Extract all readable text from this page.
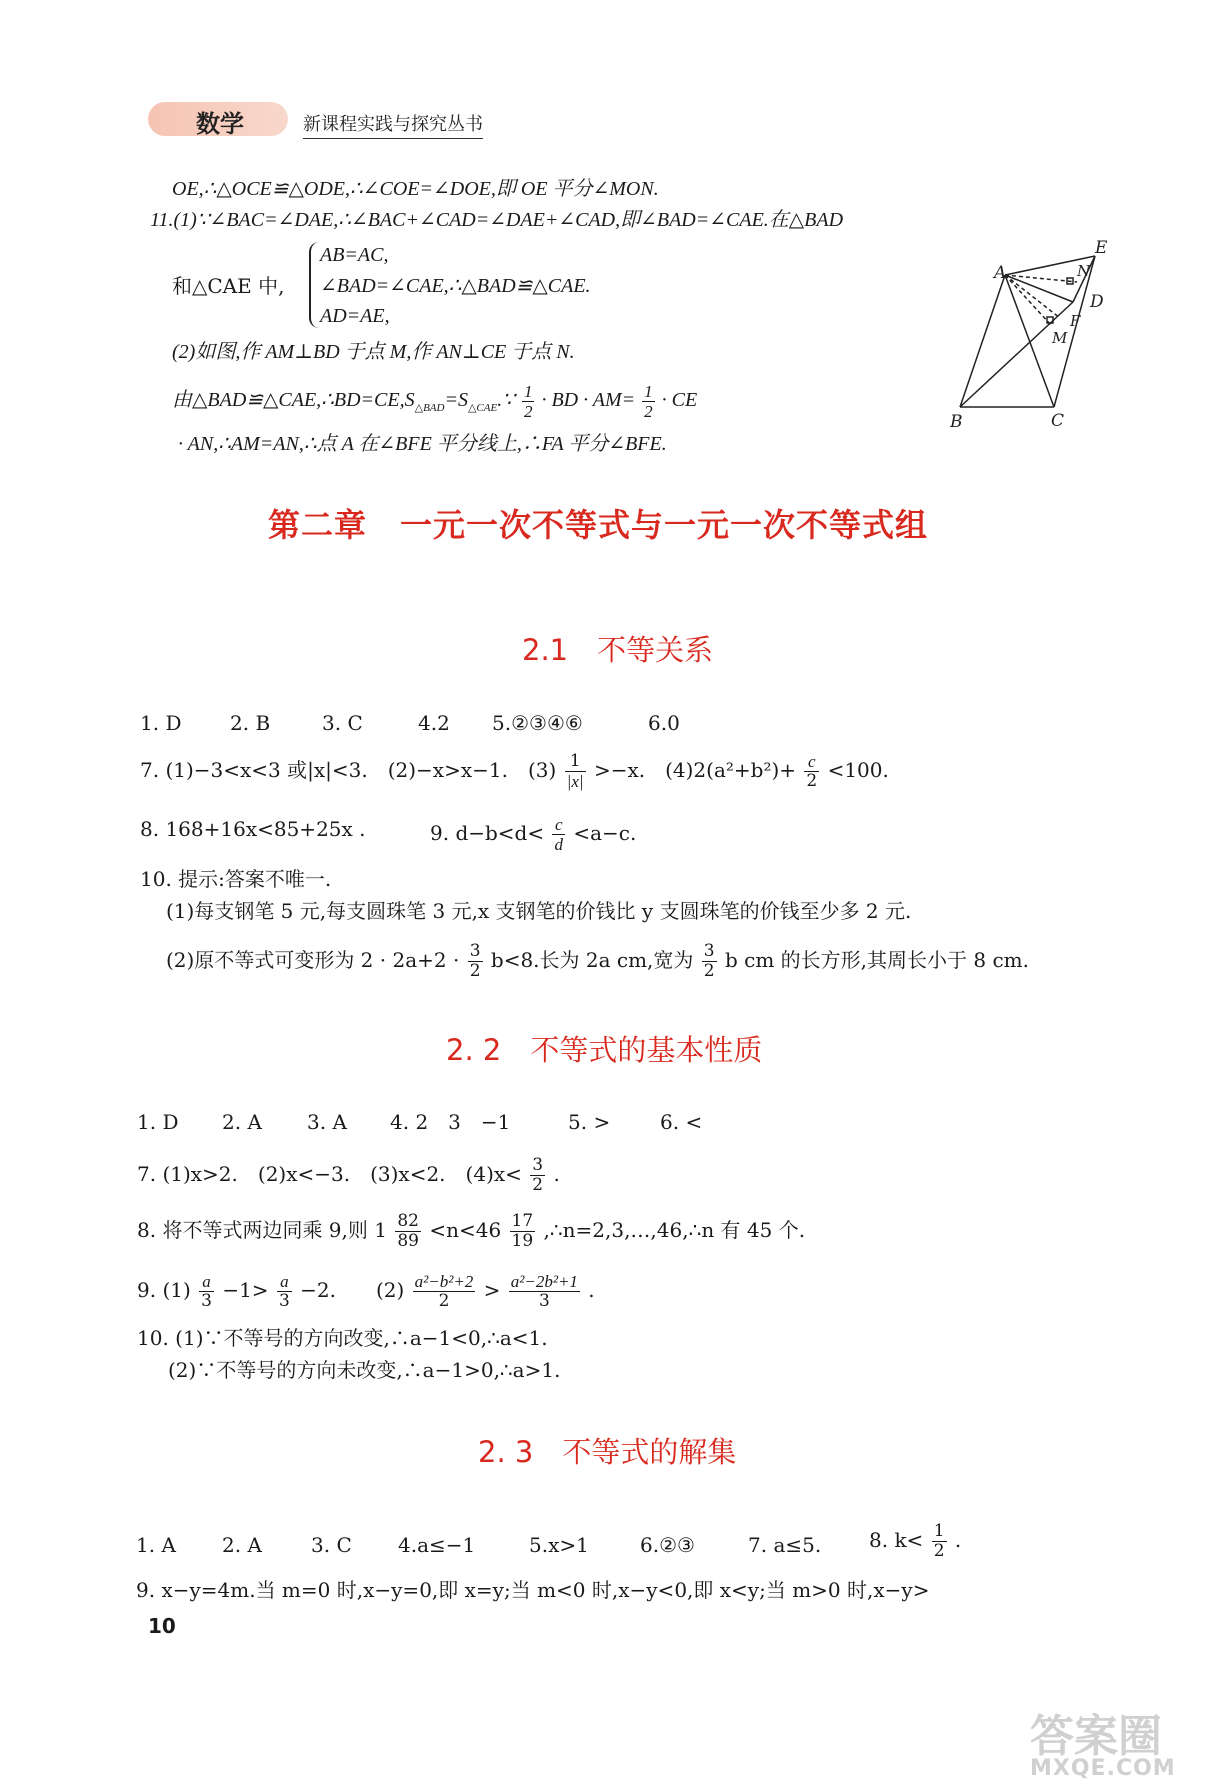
数学	新课程实践与探究丛书
OE,∴△OCE≌△ODE,∴∠COE=∠DOE,即 OE 平分∠MON.
11.(1)∵∠BAC=∠DAE,∴∠BAC+∠CAD=∠DAE+∠CAD,即∠BAD=∠CAE.在△BAD
和△CAE 中,
AB=AC,
∠BAD=∠CAE,∴△BAD≌△CAE.
AD=AE,
(2)如图,作 AM⊥BD 于点 M,作 AN⊥CE 于点 N.
由$\triangle BAD≌\triangle CAE,\therefore BD=CE,S_{\triangle BAD}=S_{\triangle CAE}.\because \frac{1}{2}$ · BD · $AM= \frac{1}{2}$ · CE
· AN,∴AM=AN,∴点 A 在∠BFE 平分线上,∴FA 平分∠BFE.
A
E
N
D
F
M
B	C
第二章　一元一次不等式与一元一次不等式组
2.1　不等关系
1. D 2. B	3. C	4.2 5.②③④⑥	6.0
7. (1)−3<x<3 或|x|<3.　(2)−x>x−1.　$(3) \frac{1}{|x|} >-x$.　$(4)2(a^2+b^2)+ \frac{c}{2} <100$.
8. 168+16x<85+25x .	9. $d-b<d< \frac{c}{d} <a-c$.
10. 提示:答案不唯一.
(1)每支钢笔 5 元,每支圆珠笔 3 元,x 支钢笔的价钱比 y 支圆珠笔的价钱至少多 2 元.
(2)原不等式可变形为 $2 \cdot 2a+2 \cdot \frac{3}{2} b<8$.长为 2a cm,宽为 $\frac{3}{2}$ b cm 的长方形,其周长小于 8 cm.
2. 2　不等式的基本性质
1. D 2. A 3. A 4. 2　3　−1	5. > 6. <
7. (1)x>2.　(2)x<−3.　(3)x<2.　$(4)x< \frac{3}{2}$ .
8. 将不等式两边同乘 9,则 $1 \frac{82}{89} <n<46 \frac{17}{19}$ ,∴n=2,3,…,46,∴n 有 45 个.
9. $(1) \frac{a}{3} -1> \frac{a}{3} -2$.　　$(2) \frac{\text{a²−b²+2}}{2} > \frac{\text{a²−2b²+1}}{3}$ .
10. (1)∵不等号的方向改变,∴a−1<0,∴a<1.
(2)∵不等号的方向未改变,∴a−1>0,∴a>1.
2. 3　不等式的解集
1. A 2. A 3. C 4.a≤−1	5.x>1	6.②③	7. a≤5. 8. $k< \frac{1}{2}$ .
9. x−y=4m.当 m=0 时,x−y=0,即 x=y;当 m<0 时,x−y<0,即 x<y;当 m>0 时,x−y>
10
答案圈
MXQE.COM
